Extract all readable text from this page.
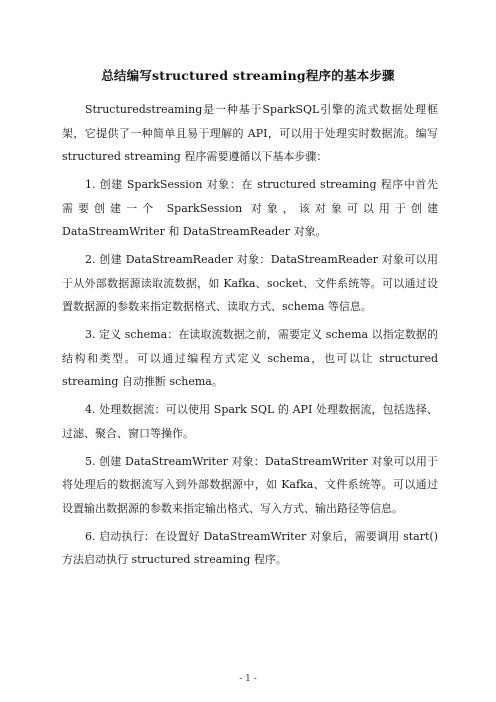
总结编写structured streaming程序的基本步骤

Structuredstreaming是一种基于SparkSQL引擎的流式数据处理框架，它提供了一种简单且易于理解的 API，可以用于处理实时数据流。编写 structured streaming 程序需要遵循以下基本步骤：

1. 创建 SparkSession 对象：在 structured streaming 程序中首先需要创建一个 SparkSession 对象，该对象可以用于创建 DataStreamWriter 和 DataStreamReader 对象。

2. 创建 DataStreamReader 对象：DataStreamReader 对象可以用于从外部数据源读取流数据，如 Kafka、socket、文件系统等。可以通过设置数据源的参数来指定数据格式、读取方式、schema 等信息。

3. 定义 schema：在读取流数据之前，需要定义 schema 以指定数据的结构和类型。可以通过编程方式定义 schema，也可以让 structured streaming 自动推断 schema。

4. 处理数据流：可以使用 Spark SQL 的 API 处理数据流，包括选择、过滤、聚合、窗口等操作。

5. 创建 DataStreamWriter 对象：DataStreamWriter 对象可以用于将处理后的数据流写入到外部数据源中，如 Kafka、文件系统等。可以通过设置输出数据源的参数来指定输出格式、写入方式、输出路径等信息。

6. 启动执行：在设置好 DataStreamWriter 对象后，需要调用 start() 方法启动执行 structured streaming 程序。

- 1 -
